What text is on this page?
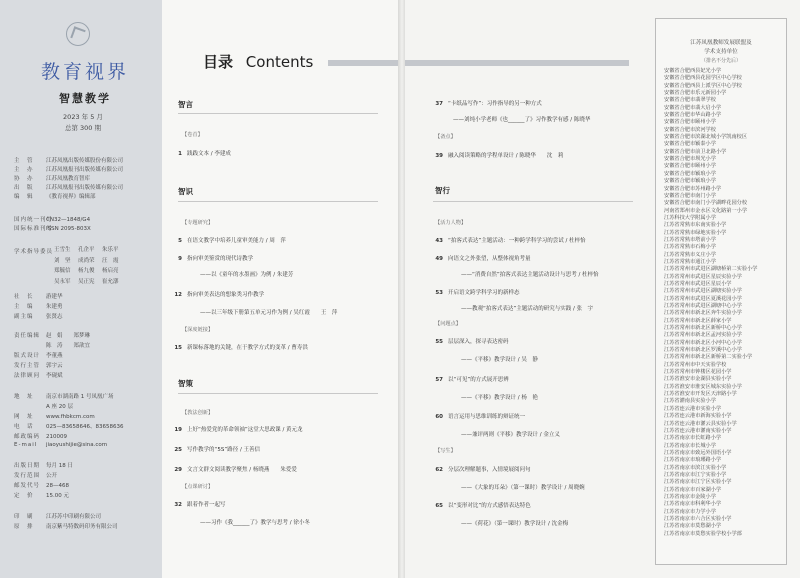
教育视界
智慧教学
2023 年 5 月
总第 300 期
主　管 江苏凤凰出版传媒股份有限公司
主　办 江苏凤凰报刊出版传媒有限公司
协　办 江苏凤凰教育智库
出　版 江苏凤凰报刊出版传媒有限公司
编　辑 《教育视界》编辑部
国内统一刊号CN32—1848/G4
国际标准刊号ISSN 2095-803X
学术指导委员 王雪生 孔企平 朱乐平
刘　坚 成尚荣 汪　霞
郑毓信 杨九俊 杨启亮
吴永军 吴正宪 崔允漷

社　长 游建华
主　编 朱建勇
副主编 张贤志
责任编辑 赵　娟　　郑梦琳
陈　涛　　郑歆宜
版式设计 李董燕
发行主管 郭宇云
法律顾问 李砚斌
地　址 南京市湖南路 1 号凤凰广场
A 座 20 层
网　址 www.fhbkcm.com
电　话 025—83658646、83658636
邮政编码 210009
E-mail jiaoyushijie@sina.com
出版日期 每月 18 日
发行范围 公开
邮发代号 28—468
定　价 15.00 元
印　刷 江苏苏中印刷有限公司
原　排 南京紫马特数码印务有限公司
目录 Contents
智言
【卷首】
1 践践文本 / 李建成
智识
【专题研究】
5 在语文教学中培养儿童审美能力 / 周　萍
9 指向审美鉴赏的现代诗教学
——以《童年的水墨画》为例 / 朱建芳
12 指向审美表达的想象类习作教学
——以三年级下册第五单元习作为例 / 吴红霞　　王　萍
【深度链接】
15 新课标落地的关键，在于教学方式的变革 / 曹寿洪
智策
【教法创新】
19 上好“热爱党的革命领袖”这堂大思政课 / 黄元龙
25 写作教学的“5S”路径 / 王善信
29 文言文群文阅读教学聚焦 / 杨晓燕　　朱爱爱
【点课研讨】
32 跟着作者一起写
——习作《我______了》教学与思考 / 徐小冬
37 “卡纸品写作”：习作指导的另一种方式
——刘纯小学老师《也______了》习作教学有感 / 陈晓华
【备点】
39 融入阅读策略的学程单设计 / 陈晓华　　沈　莉
智行
【活力人物】
43 “拍客式表达”主题活动：一种跨学科学习的尝试 / 杜梓怡
49 向语文之外张望，从整体视角考量
——“消费自然”拍客式表达主题活动设计与思考 / 杜梓怡
53 开启语文跨学科学习的新样态
——教观“拍客式表达”主题活动的研究与实践 / 张　宇
【问题点】
55 层层深入，探寻表达密码
——《平移》教学设计 / 吴　静
57 以“可见”的方式展开思辨
——《平移》教学设计 / 杨　艳
60 语言运用与思维训练的辩证统一
——兼评两则《平移》教学设计 / 金立义
【写生】
62 分层次理解题事，入情境展阅问句
——《大象的耳朵》（第一课时）教学设计 / 周晓婉
65 以“变形对比”的方式感悟表达特色
——《荷花》（第一课时）教学设计 / 沈金梅
江苏凤凰教师发展联盟及
学术支持单位
（排名不分先后）
安徽省合肥西县妃光小学
安徽省合肥西县花园学区中心学校
安徽省合肥西县上派学区中心学校
安徽省合肥市乐元新园小学
安徽省合肥市翡翠学校
安徽省合肥市翡大启小学
安徽省合肥市华山路小学
安徽省合肥市颐州小学
安徽省合肥市滨河学校
安徽省合肥市滨湖北城小学凯南校区
安徽省合肥市颖泰小学
安徽省合肥市前卫北路小学
安徽省合肥市坝光小学
安徽省合肥市颐州小学
安徽省合肥市颖琅小学
安徽省合肥市颖琅小学
安徽省合肥市苏州路小学
安徽省合肥市南门小学
安徽省合肥市南门小学湖畔花园分校
河南省郑州市金水区文化路第一小学
江苏科技大学附属小学
江苏省常熟市东南实验小学
江苏省常熟市绿地实验小学
江苏省常熟市塔前小学
江苏省常熟市石梅小学
江苏省常熟市义庄小学
江苏省常熟市通江小学
江苏省常州市武进区湖塘桥第二实验小学
江苏省常州市武进区星辰实验小学
江苏省常州市武进区星辰小学
江苏省常州市武进区湖塘实验小学
江苏省常州市武进区夏溪花园小学
江苏省常州市武进区湖塘中心小学
江苏省常州市新北区奔牛实验小学
江苏省常州市新北区薛家小学
江苏省常州市新北区新桥中心小学
江苏省常州市新北区孟河实验小学
江苏省常州市新北区小河中心小学
江苏省常州市新北区罗溪中心小学
江苏省常州市新北区新桥第二实验小学
江苏省常州市中天实验学校
江苏省常州市钟楼区花园小学
江苏省淮安市金湖县实验小学
江苏省淮安市淮安区城东实验小学
江苏省淮安市开发区天津路小学
江苏省灌南县实验小学
江苏省连云港市实验小学
江苏省连云港市新海实验小学
江苏省连云港市灌云县实验小学
江苏省连云港市灌南实验小学
江苏省南京市长虹路小学
江苏省南京市长城小学
江苏省南京市致远外国语小学
江苏省南京市琅琊路小学
江苏省南京市滨江实验小学
江苏省南京市江宁实验小学
江苏省南京市江宁区实验小学
江苏省南京市百家湖小学
江苏省南京市金陵小学
江苏省南京市科利华小学
江苏省南京市力学小学
江苏省南京市六合区实验小学
江苏省南京市莫愁湖小学
江苏省南京市莫愁实验学校小学部
